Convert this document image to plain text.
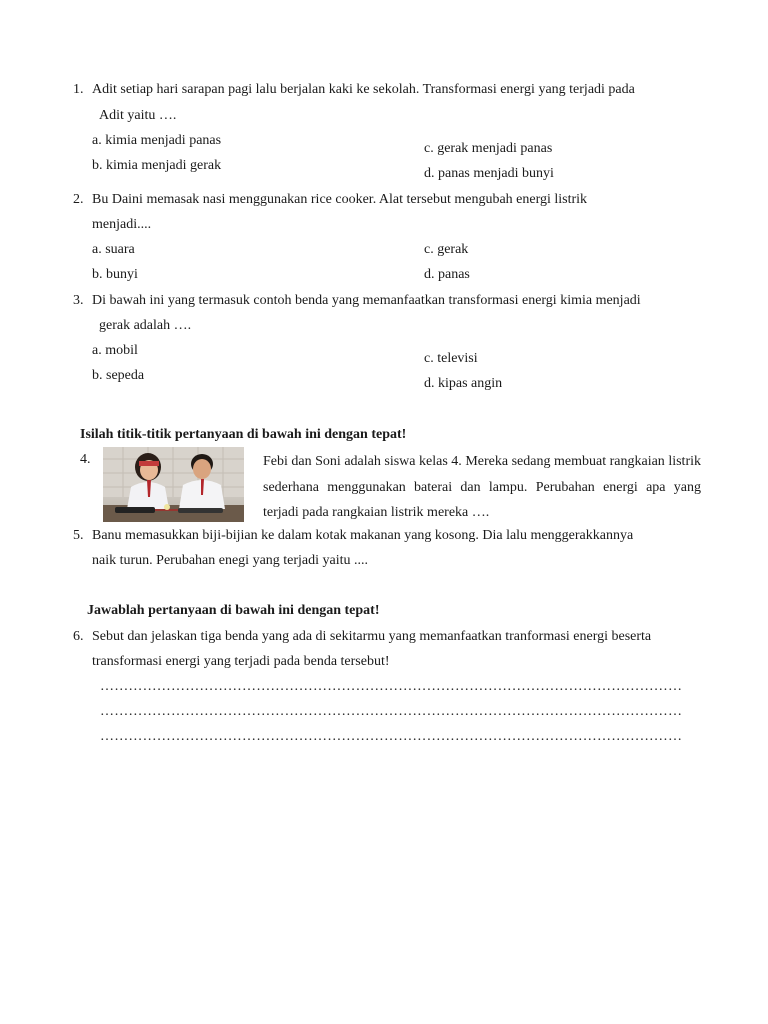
1. Adit setiap hari sarapan pagi lalu berjalan kaki ke sekolah. Transformasi energi yang terjadi pada
Adit yaitu ….
a. kimia menjadi panas
b. kimia menjadi gerak
c. gerak menjadi panas
d. panas menjadi bunyi
2. Bu Daini memasak nasi menggunakan rice cooker. Alat tersebut mengubah energi listrik
menjadi....
a. suara
b. bunyi
c. gerak
d. panas
3. Di bawah ini yang termasuk contoh benda yang memanfaatkan transformasi energi kimia menjadi
gerak adalah ….
a. mobil
b. sepeda
c. televisi
d. kipas angin
Isilah titik-titik pertanyaan di bawah ini dengan tepat!
4.	Febi dan Soni adalah siswa kelas 4. Mereka sedang membuat rangkaian listrik sederhana menggunakan baterai dan lampu. Perubahan energi apa yang terjadi pada rangkaian listrik mereka ….
5. Banu memasukkan biji-bijian ke dalam kotak makanan yang kosong. Dia lalu menggerakkannya
naik turun. Perubahan enegi yang terjadi yaitu ....
Jawablah pertanyaan di bawah ini dengan tepat!
6. Sebut dan jelaskan tiga benda yang ada di sekitarmu yang memanfaatkan tranformasi energi beserta
transformasi energi yang terjadi pada benda tersebut!
……………………………………………………………………………………………………………
……………………………………………………………………………………………………………
……………………………………………………………………………………………………………
